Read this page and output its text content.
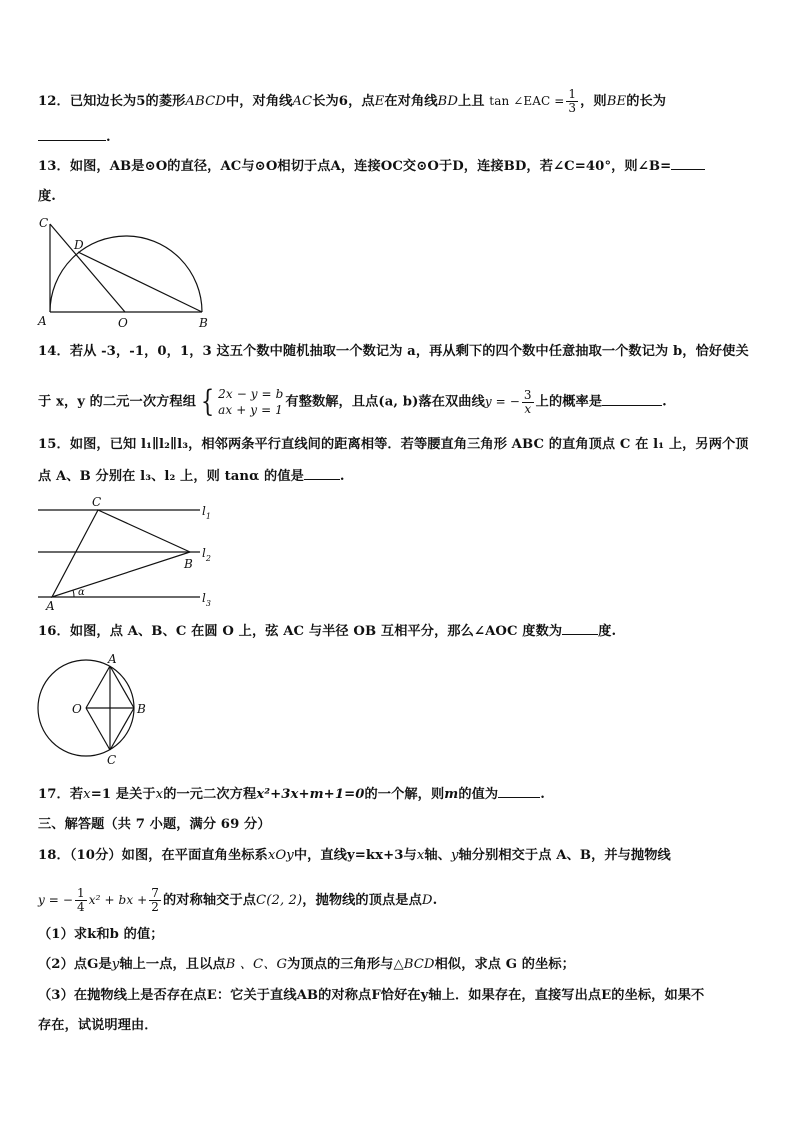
12．已知边长为5的菱形ABCD中，对角线AC长为6，点E在对角线BD上且 tan ∠EAC = $\frac{1}{3}$ ，则BE的长为
.
13．如图，AB是⊙O的直径，AC与⊙O相切于点A，连接OC交⊙O于D，连接BD，若∠C=40°，则∠B=
度.
C
D
A	O	B
14．若从 -3，-1，0，1，3 这五个数中随机抽取一个数记为 a，再从剩下的四个数中任意抽取一个数记为 b，恰好使关
于 x，y 的二元一次方程组 { 2x − y = b
ax + y = 1
有整数解，且点(a, b)落在双曲线y = − $\frac{3}{x}$ 上的概率是	.
15．如图，已知 l₁∥l₂∥l₃，相邻两条平行直线间的距离相等．若等腰直角三角形 ABC 的直角顶点 C 在 l₁ 上，另两个顶
点 A、B 分别在 l₃、l₂ 上，则 tanα 的值是	.
C
B
A
α
$l_1$
$l_2$
$l_3$
16．如图，点 A、B、C 在圆 O 上，弦 AC 与半径 OB 互相平分，那么∠AOC 度数为	度.
A
O	B
C
17．若x=1 是关于x的一元二次方程x²+3x+m+1=0的一个解，则m的值为	.
三、解答题（共 7 小题，满分 69 分）
18．（10分）如图，在平面直角坐标系xOy中，直线y=kx+3与x轴、y轴分别相交于点 A、B，并与抛物线
y = − $\frac{1}{4} x^2$ + bx + $\frac{7}{2}$ 的对称轴交于点C(2, 2)，抛物线的顶点是点D.
（1）求k和b 的值；
（2）点G是y轴上一点，且以点B 、C、G为顶点的三角形与△BCD相似，求点 G 的坐标；
（3）在抛物线上是否存在点E：它关于直线AB的对称点F恰好在y轴上．如果存在，直接写出点E的坐标，如果不
存在，试说明理由．
